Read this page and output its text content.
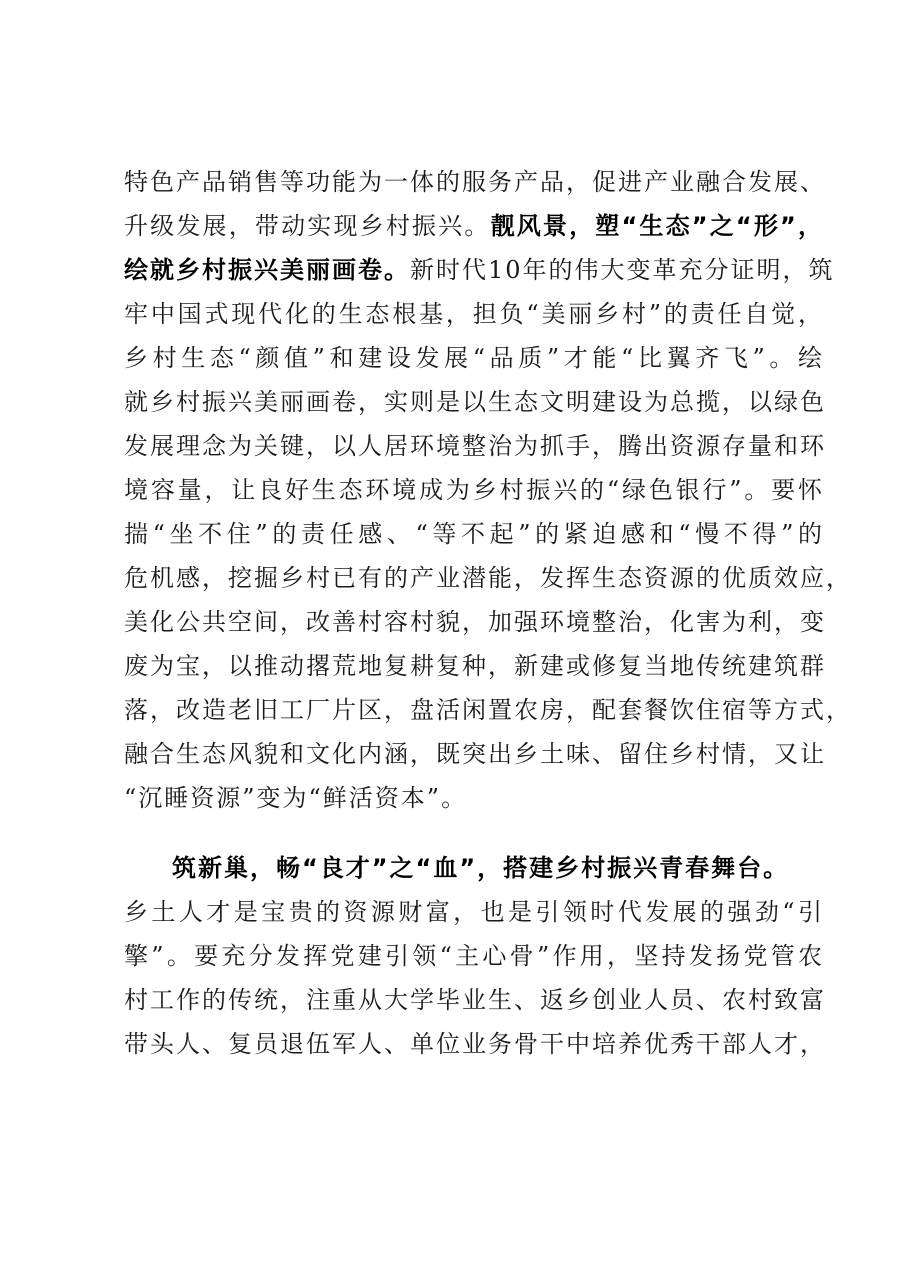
特色产品销售等功能为一体的服务产品，促进产业融合发展、
升级发展，带动实现乡村振兴。靓风景，塑“生态”之“形”，
绘就乡村振兴美丽画卷。新时代10年的伟大变革充分证明，筑
牢中国式现代化的生态根基，担负“美丽乡村”的责任自觉，
乡村生态“颜值”和建设发展“品质”才能“比翼齐飞”。绘
就乡村振兴美丽画卷，实则是以生态文明建设为总揽，以绿色
发展理念为关键，以人居环境整治为抓手，腾出资源存量和环
境容量，让良好生态环境成为乡村振兴的“绿色银行”。要怀
揣“坐不住”的责任感、“等不起”的紧迫感和“慢不得”的
危机感，挖掘乡村已有的产业潜能，发挥生态资源的优质效应，
美化公共空间，改善村容村貌，加强环境整治，化害为利，变
废为宝，以推动撂荒地复耕复种，新建或修复当地传统建筑群
落，改造老旧工厂片区，盘活闲置农房，配套餐饮住宿等方式，
融合生态风貌和文化内涵，既突出乡土味、留住乡村情，又让
“沉睡资源”变为“鲜活资本”。
筑新巢，畅“良才”之“血”，搭建乡村振兴青春舞台。
乡土人才是宝贵的资源财富，也是引领时代发展的强劲“引
擎”。要充分发挥党建引领“主心骨”作用，坚持发扬党管农
村工作的传统，注重从大学毕业生、返乡创业人员、农村致富
带头人、复员退伍军人、单位业务骨干中培养优秀干部人才，
